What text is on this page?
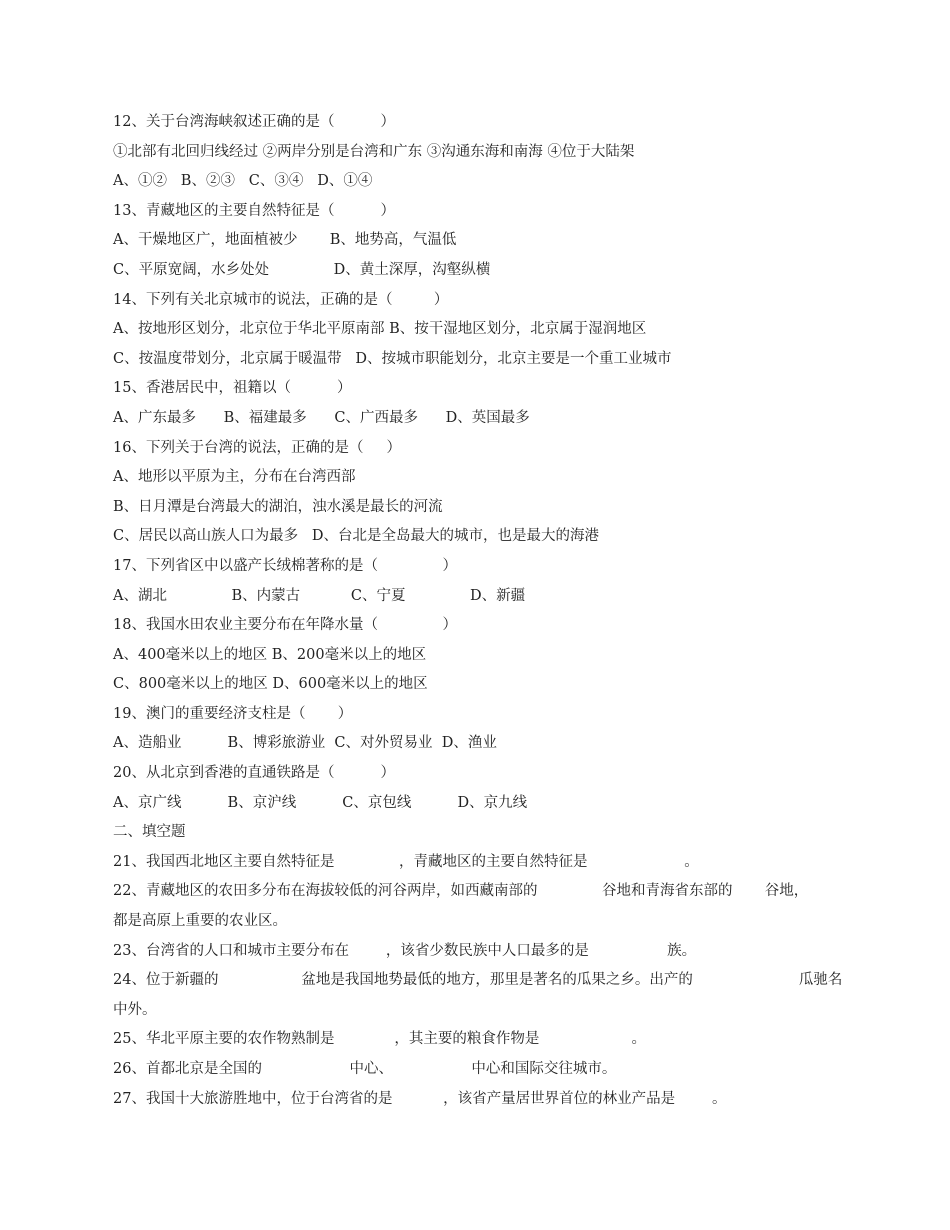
12、关于台湾海峡叙述正确的是（          ）
①北部有北回归线经过 ②两岸分别是台湾和广东 ③沟通东海和南海 ④位于大陆架
A、①②   B、②③   C、③④   D、①④
13、青藏地区的主要自然特征是（          ）
A、干燥地区广，地面植被少       B、地势高，气温低
C、平原宽阔，水乡处处              D、黄土深厚，沟壑纵横
14、下列有关北京城市的说法，正确的是（         ）
A、按地形区划分，北京位于华北平原南部 B、按干湿地区划分，北京属于湿润地区
C、按温度带划分，北京属于暖温带   D、按城市职能划分，北京主要是一个重工业城市
15、香港居民中，祖籍以（          ）
A、广东最多      B、福建最多      C、广西最多      D、英国最多
16、下列关于台湾的说法，正确的是（     ）
A、地形以平原为主，分布在台湾西部
B、日月潭是台湾最大的湖泊，浊水溪是最长的河流
C、居民以高山族人口为最多   D、台北是全岛最大的城市，也是最大的海港
17、下列省区中以盛产长绒棉著称的是（              ）
A、湖北              B、内蒙古           C、宁夏              D、新疆
18、我国水田农业主要分布在年降水量（              ）
A、400毫米以上的地区 B、200毫米以上的地区
C、800毫米以上的地区 D、600毫米以上的地区
19、澳门的重要经济支柱是（       ）
A、造船业          B、博彩旅游业  C、对外贸易业  D、渔业
20、从北京到香港的直通铁路是（          ）
A、京广线          B、京沪线          C、京包线          D、京九线
二、填空题
21、我国西北地区主要自然特征是              ，青藏地区的主要自然特征是                     。
22、青藏地区的农田多分布在海拔较低的河谷两岸，如西藏南部的              谷地和青海省东部的       谷地，
都是高原上重要的农业区。
23、台湾省的人口和城市主要分布在        ，该省少数民族中人口最多的是                 族。
24、位于新疆的                  盆地是我国地势最低的地方，那里是著名的瓜果之乡。出产的                       瓜驰名
中外。
25、华北平原主要的农作物熟制是             ，其主要的粮食作物是                    。
26、首都北京是全国的                   中心、                 中心和国际交往城市。
27、我国十大旅游胜地中，位于台湾省的是           ，该省产量居世界首位的林业产品是        。
